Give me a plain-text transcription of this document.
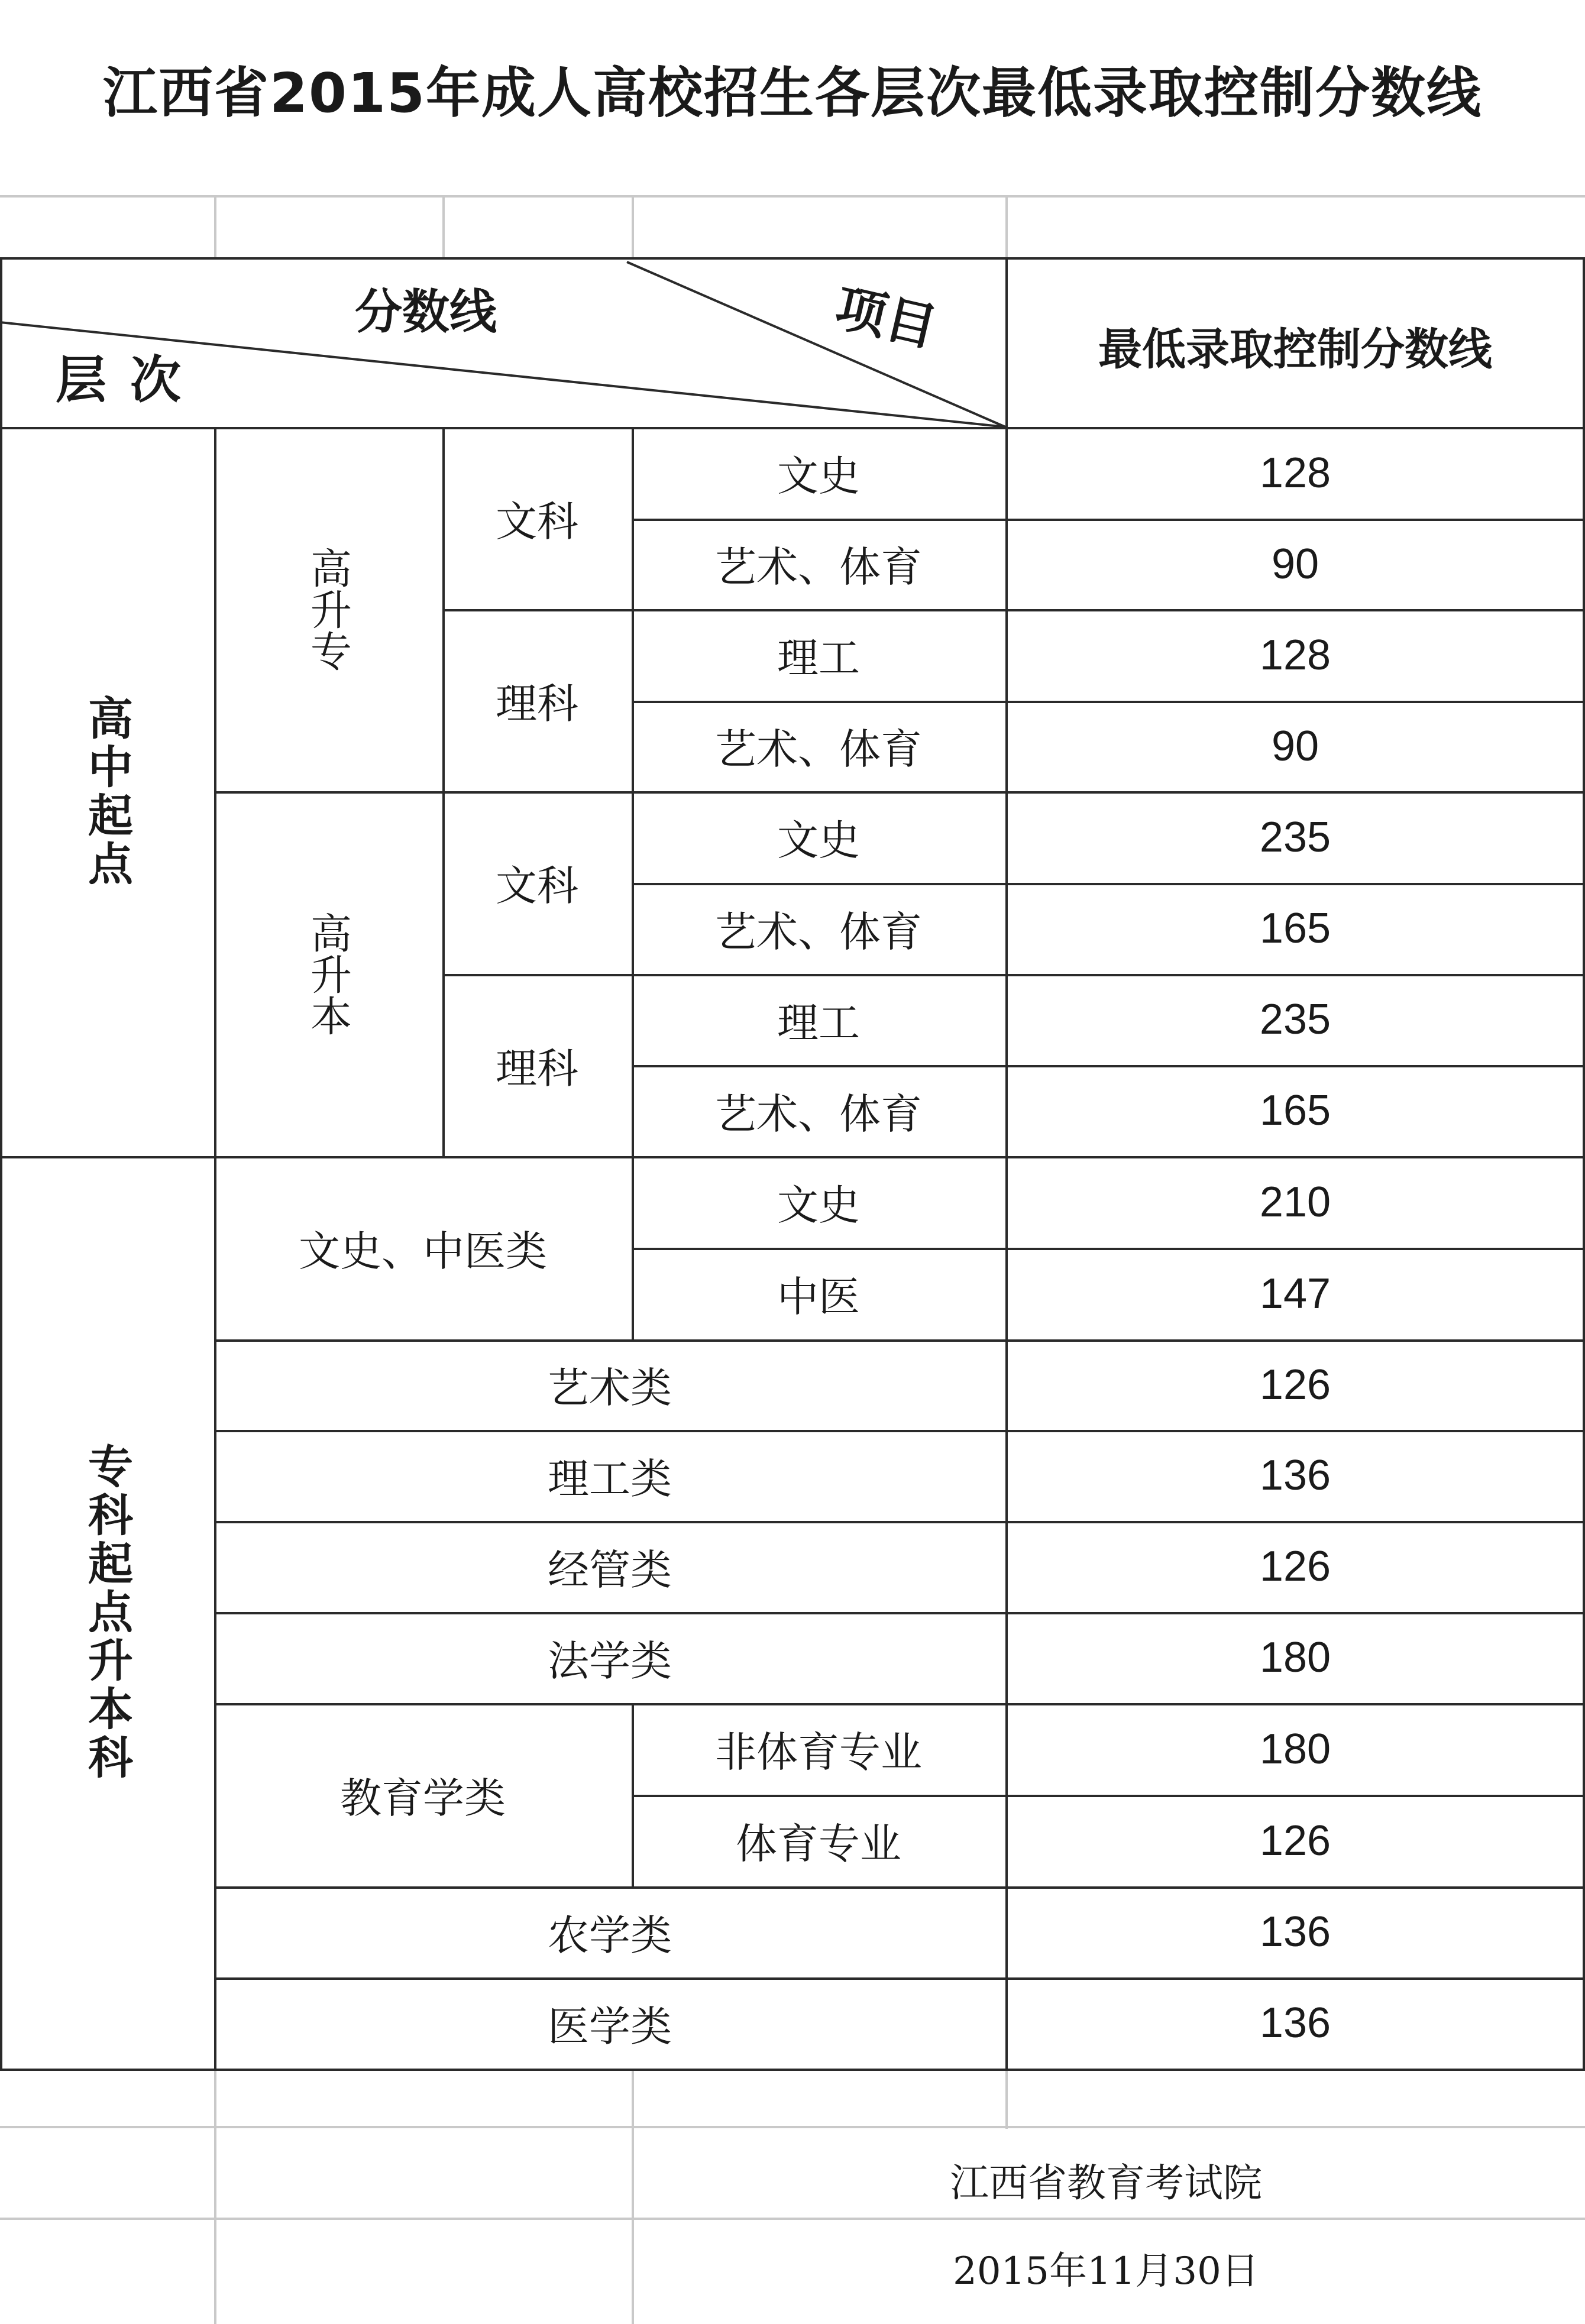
江西省2015年成人高校招生各层次最低录取控制分数线
分数线	项目
层次
最低录取控制分数线
高中起点
专科起点升本科
高升专
高升本
文科
理科
文科
理科
文史、中医类
教育学类
文史
艺术、体育
理工
艺术、体育
文史
艺术、体育
理工
艺术、体育
文史
中医
艺术类
理工类
经管类
法学类
非体育专业
体育专业
农学类
医学类
128
90
128
90
235
165
235
165
210
147
126
136
126
180
180
126
136
136
江西省教育考试院
2015年11月30日
